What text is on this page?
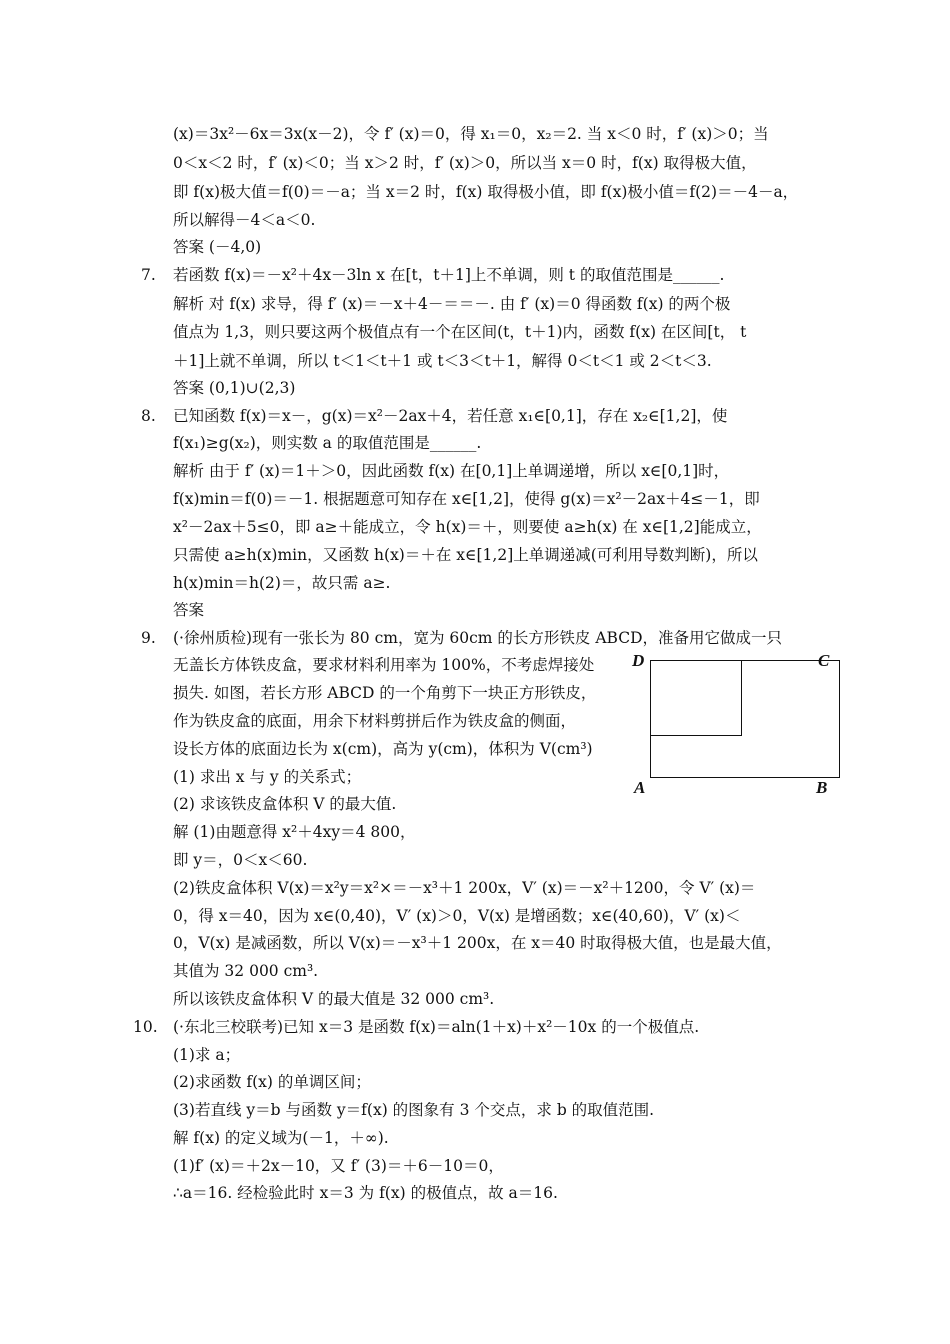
(x)＝3x²－6x＝3x(x－2)，令 f′ (x)＝0，得 x₁＝0，x₂＝2. 当 x＜0 时，f′ (x)＞0；当
0＜x＜2 时，f′ (x)＜0；当 x＞2 时，f′ (x)＞0，所以当 x＝0 时，f(x) 取得极大值，
即 f(x)极大值＝f(0)＝－a；当 x＝2 时，f(x) 取得极小值，即 f(x)极小值＝f(2)＝－4－a，
所以解得－4＜a＜0.
答案 (－4,0)
7. 若函数 f(x)＝－x²＋4x－3ln x 在[t，t＋1]上不单调，则 t 的取值范围是______.
解析 对 f(x) 求导，得 f′ (x)＝－x＋4－＝＝－. 由 f′ (x)＝0 得函数 f(x) 的两个极
值点为 1,3，则只要这两个极值点有一个在区间(t，t＋1)内，函数 f(x) 在区间[t， t
＋1]上就不单调，所以 t＜1＜t＋1 或 t＜3＜t＋1，解得 0＜t＜1 或 2＜t＜3.
答案 (0,1)∪(2,3)
8. 已知函数 f(x)＝x－，g(x)＝x²－2ax＋4，若任意 x₁∈[0,1]，存在 x₂∈[1,2]，使
f(x₁)≥g(x₂)，则实数 a 的取值范围是______.
解析 由于 f′ (x)＝1＋＞0，因此函数 f(x) 在[0,1]上单调递增，所以 x∈[0,1]时，
f(x)min＝f(0)＝－1. 根据题意可知存在 x∈[1,2]，使得 g(x)＝x²－2ax＋4≤－1，即
x²－2ax＋5≤0，即 a≥＋能成立，令 h(x)＝＋，则要使 a≥h(x) 在 x∈[1,2]能成立，
只需使 a≥h(x)min，又函数 h(x)＝＋在 x∈[1,2]上单调递减(可利用导数判断)，所以
h(x)min＝h(2)＝，故只需 a≥.
答案
9. (·徐州质检)现有一张长为 80 cm，宽为 60cm 的长方形铁皮 ABCD，准备用它做成一只
无盖长方体铁皮盒，要求材料利用率为 100%，不考虑焊接处
损失. 如图，若长方形 ABCD 的一个角剪下一块正方形铁皮，
作为铁皮盒的底面，用余下材料剪拼后作为铁皮盒的侧面，
设长方体的底面边长为 x(cm)，高为 y(cm)，体积为 V(cm³)
(1) 求出 x 与 y 的关系式；
(2) 求该铁皮盒体积 V 的最大值.
解 (1)由题意得 x²＋4xy＝4 800，
即 y＝，0＜x＜60.
(2)铁皮盒体积 V(x)＝x²y＝x²×＝－x³＋1 200x，V′ (x)＝－x²＋1200，令 V′ (x)＝
0，得 x＝40，因为 x∈(0,40)，V′ (x)＞0，V(x) 是增函数；x∈(40,60)，V′ (x)＜
0，V(x) 是减函数，所以 V(x)＝－x³＋1 200x，在 x＝40 时取得极大值，也是最大值，
其值为 32 000 cm³.
所以该铁皮盒体积 V 的最大值是 32 000 cm³.
10. (·东北三校联考)已知 x＝3 是函数 f(x)＝aln(1＋x)＋x²－10x 的一个极值点.
(1)求 a；
(2)求函数 f(x) 的单调区间；
(3)若直线 y＝b 与函数 y＝f(x) 的图象有 3 个交点，求 b 的取值范围.
解 f(x) 的定义域为(－1，＋∞).
(1)f′ (x)＝＋2x－10，又 f′ (3)＝＋6－10＝0，
∴a＝16. 经检验此时 x＝3 为 f(x) 的极值点，故 a＝16.
D	C
A	B
